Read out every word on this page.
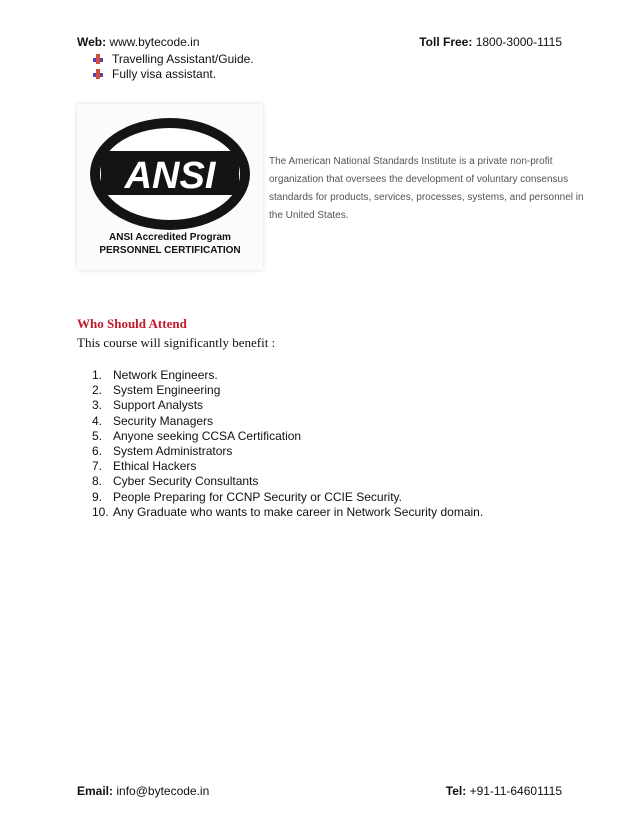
Web: www.bytecode.in	Toll Free: 1800-3000-1115
Travelling Assistant/Guide.
Fully visa assistant.
ANSI
ANSI Accredited Program
PERSONNEL CERTIFICATION
The American National Standards Institute is a private non-profit organization that oversees the development of voluntary consensus standards for products, services, processes, systems, and personnel in the United States.
Who Should Attend
This course will significantly benefit :
1. Network Engineers.
2. System Engineering
3. Support Analysts
4. Security Managers
5. Anyone seeking CCSA Certification
6. System Administrators
7. Ethical Hackers
8. Cyber Security Consultants
9. People Preparing for CCNP Security or CCIE Security.
10. Any Graduate who wants to make career in Network Security domain.
Email: info@bytecode.in	Tel: +91-11-64601115
